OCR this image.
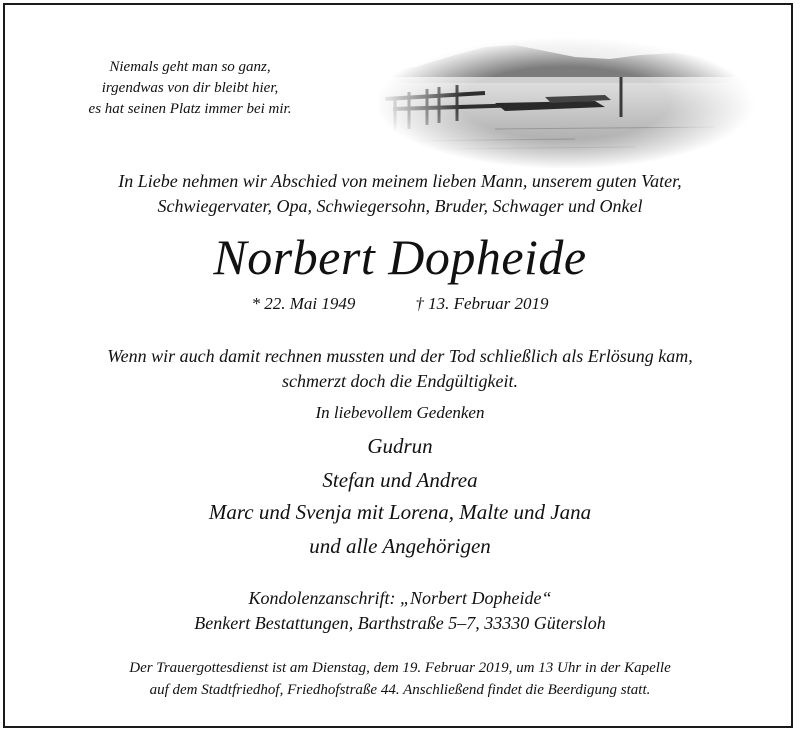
Niemals geht man so ganz,
irgendwas von dir bleibt hier,
es hat seinen Platz immer bei mir.
In Liebe nehmen wir Abschied von meinem lieben Mann, unserem guten Vater,
Schwiegervater, Opa, Schwiegersohn, Bruder, Schwager und Onkel
Norbert Dopheide
* 22. Mai 1949	† 13. Februar 2019
Wenn wir auch damit rechnen mussten und der Tod schließlich als Erlösung kam,
schmerzt doch die Endgültigkeit.
In liebevollem Gedenken
Gudrun
Stefan und Andrea
Marc und Svenja mit Lorena, Malte und Jana
und alle Angehörigen
Kondolenzanschrift: „Norbert Dopheide“
Benkert Bestattungen, Barthstraße 5–7, 33330 Gütersloh
Der Trauergottesdienst ist am Dienstag, dem 19. Februar 2019, um 13 Uhr in der Kapelle
auf dem Stadtfriedhof, Friedhofstraße 44. Anschließend findet die Beerdigung statt.
